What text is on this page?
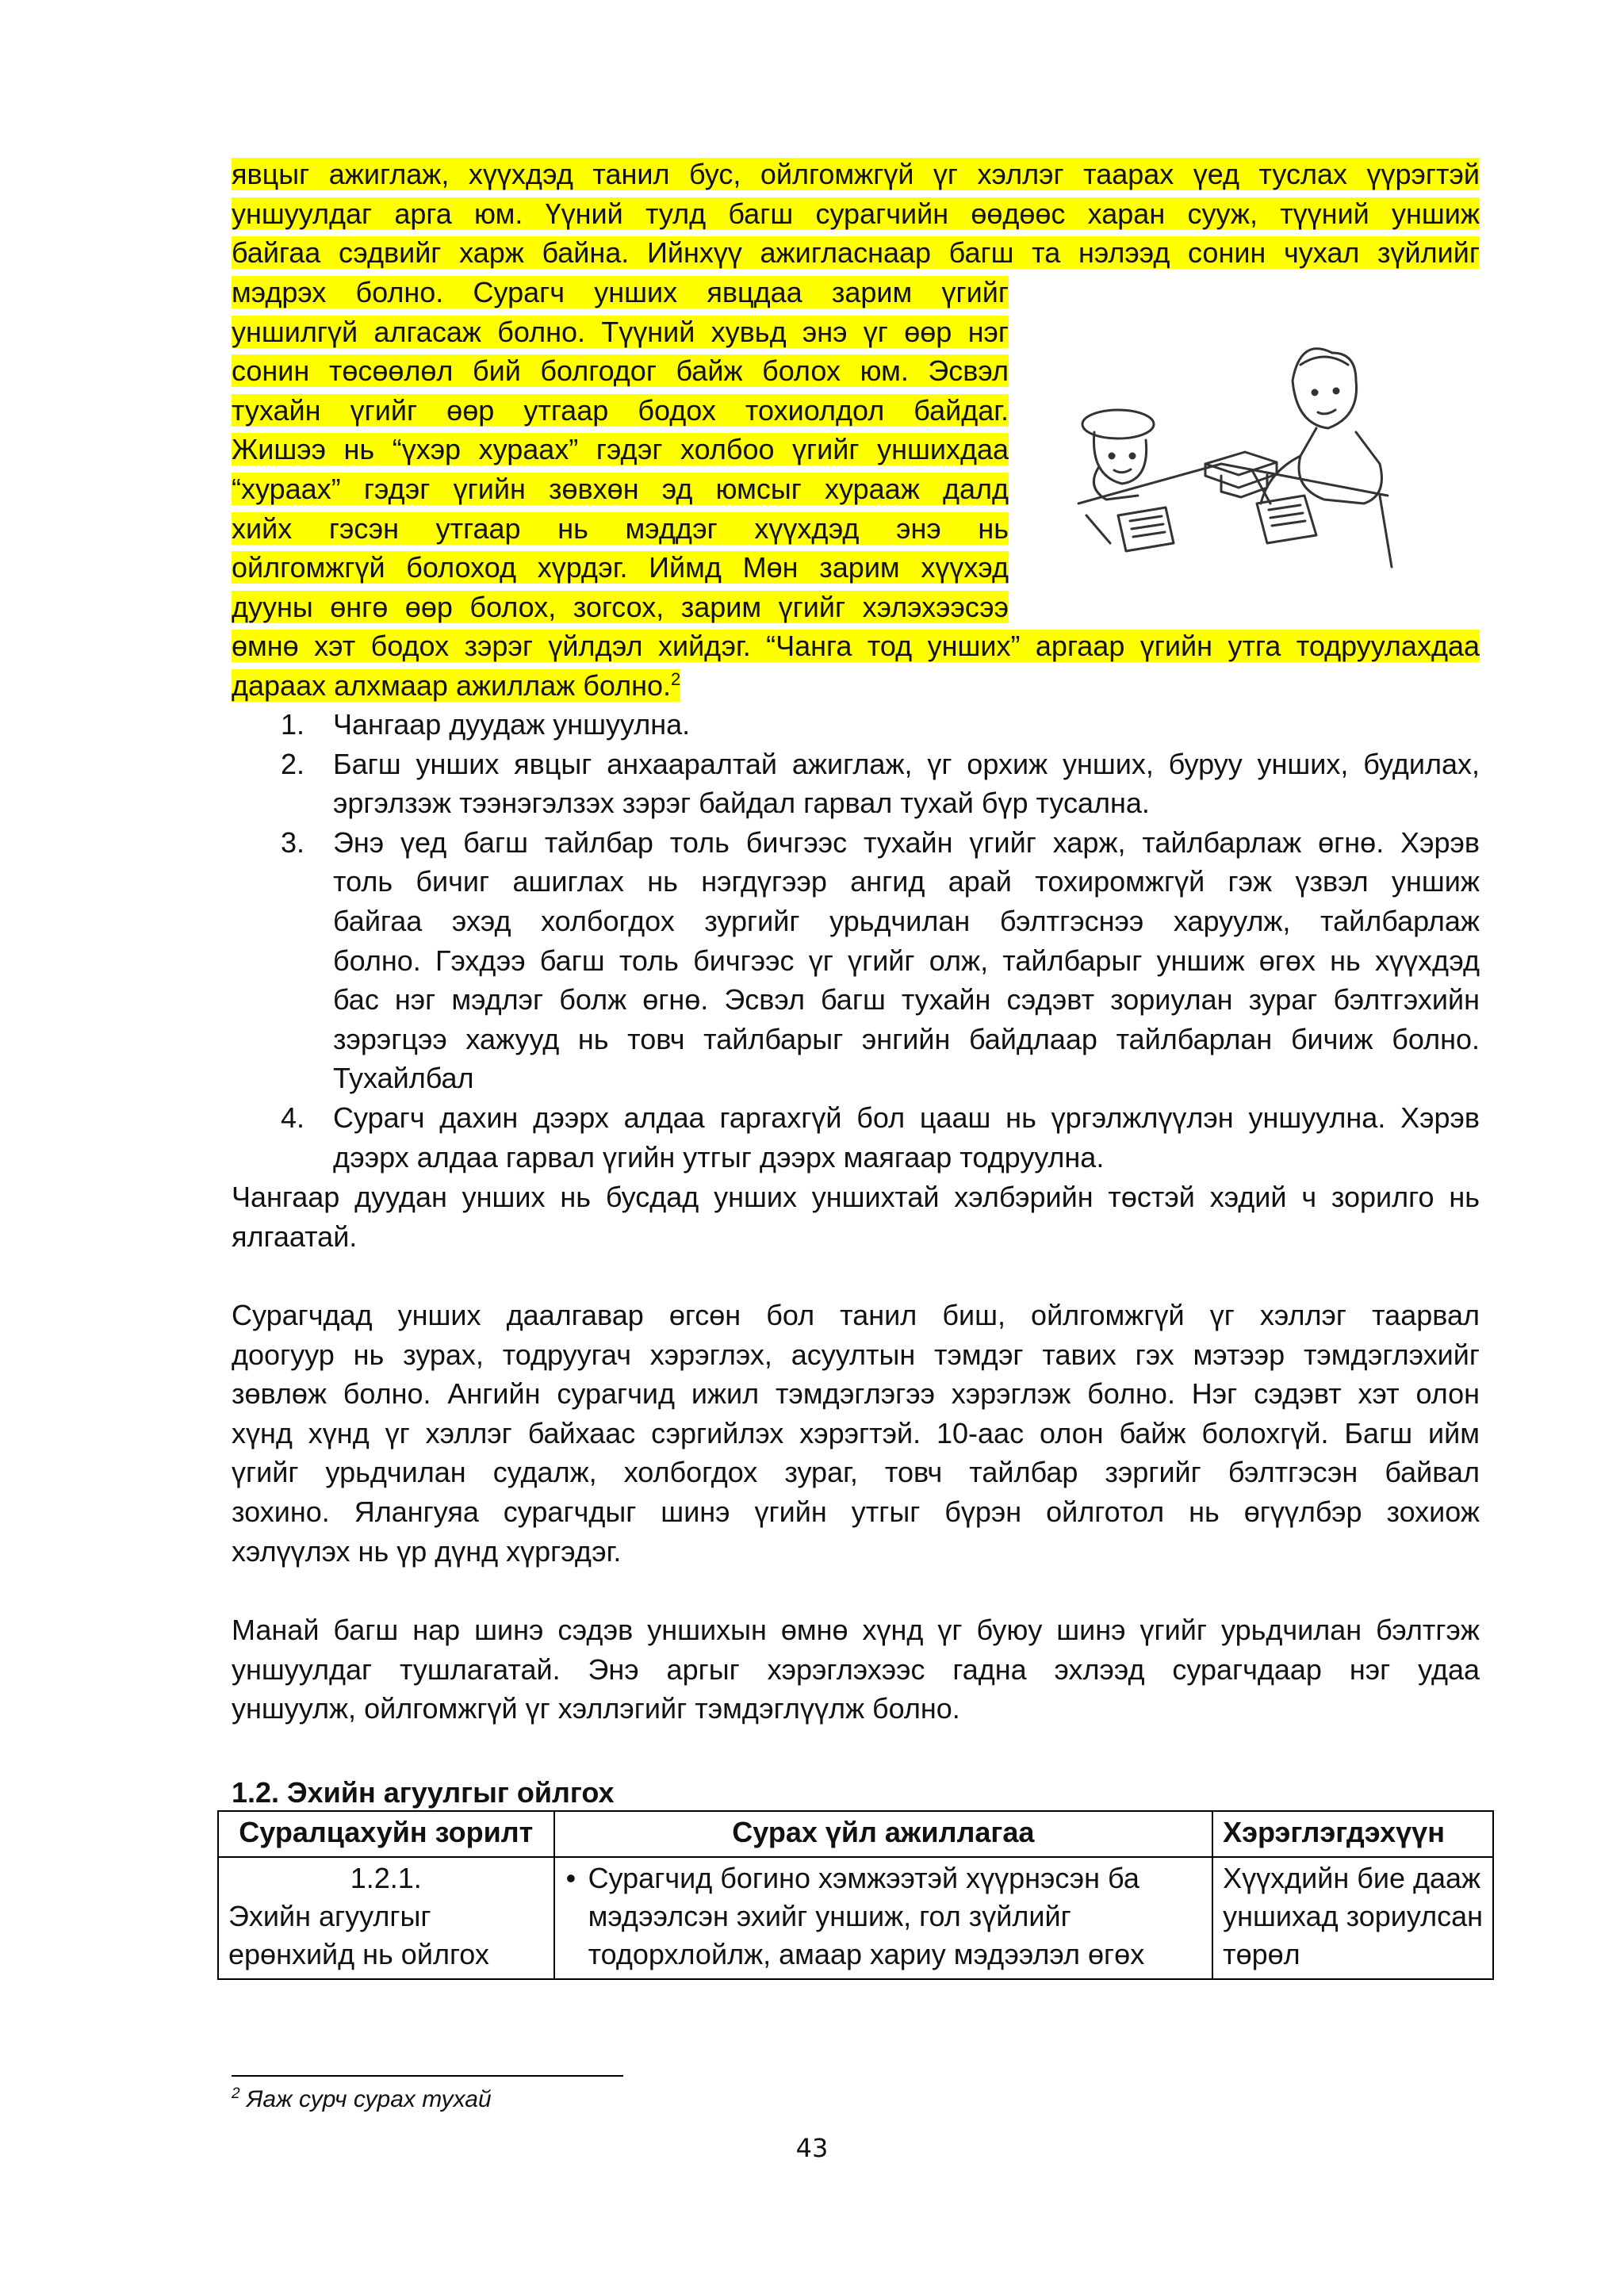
явцыг ажиглаж, хүүхдэд танил бус, ойлгомжгүй үг хэллэг таарах үед туслах үүрэгтэй
уншуулдаг арга юм. Үүний тулд багш сурагчийн өөдөөс харан сууж, түүний уншиж
байгаа сэдвийг харж байна. Ийнхүү ажигласнаар багш та нэлээд сонин чухал зүйлийг
мэдрэх болно. Сурагч унших явцдаа зарим үгийг
уншилгүй алгасаж болно. Түүний хувьд энэ үг өөр нэг
сонин төсөөлөл бий болгодог байж болох юм. Эсвэл
тухайн үгийг өөр утгаар бодох тохиолдол байдаг.
Жишээ нь “үхэр хураах” гэдэг холбоо үгийг уншихдаа
“хураах” гэдэг үгийн зөвхөн эд юмсыг хурааж далд
хийх гэсэн утгаар нь мэддэг хүүхдэд энэ нь
ойлгомжгүй болоход хүрдэг. Иймд Мөн зарим хүүхэд
дууны өнгө өөр болох, зогсох, зарим үгийг хэлэхээсээ
өмнө хэт бодох зэрэг үйлдэл хийдэг. “Чанга тод унших” аргаар үгийн утга тодруулахдаа
дараах алхмаар ажиллаж болно.$^2$
1. Чангаар дуудаж уншуулна.
2. Багш унших явцыг анхааралтай ажиглаж, үг орхиж унших, буруу унших, будилах,
эргэлзэж тээнэгэлзэх зэрэг байдал гарвал тухай бүр тусална.
3. Энэ үед багш тайлбар толь бичгээс тухайн үгийг харж, тайлбарлаж өгнө. Хэрэв
толь бичиг ашиглах нь нэгдүгээр ангид арай тохиромжгүй гэж үзвэл уншиж
байгаа эхэд холбогдох зургийг урьдчилан бэлтгэснээ харуулж, тайлбарлаж
болно. Гэхдээ багш толь бичгээс үг үгийг олж, тайлбарыг уншиж өгөх нь хүүхдэд
бас нэг мэдлэг болж өгнө. Эсвэл багш тухайн сэдэвт зориулан зураг бэлтгэхийн
зэрэгцээ хажууд нь товч тайлбарыг энгийн байдлаар тайлбарлан бичиж болно.
Тухайлбал
4. Сурагч дахин дээрх алдаа гаргахгүй бол цааш нь үргэлжлүүлэн уншуулна. Хэрэв
дээрх алдаа гарвал үгийн утгыг дээрх маягаар тодруулна.
Чангаар дуудан унших нь бусдад унших уншихтай хэлбэрийн төстэй хэдий ч зорилго нь
ялгаатай.
Сурагчдад унших даалгавар өгсөн бол танил биш, ойлгомжгүй үг хэллэг таарвал
доогуур нь зурах, тодруугач хэрэглэх, асуултын тэмдэг тавих гэх мэтээр тэмдэглэхийг
зөвлөж болно. Ангийн сурагчид ижил тэмдэглэгээ хэрэглэж болно. Нэг сэдэвт хэт олон
хүнд хүнд үг хэллэг байхаас сэргийлэх хэрэгтэй. 10-аас олон байж болохгүй. Багш ийм
үгийг урьдчилан судалж, холбогдох зураг, товч тайлбар зэргийг бэлтгэсэн байвал
зохино. Ялангуяа сурагчдыг шинэ үгийн утгыг бүрэн ойлготол нь өгүүлбэр зохиож
хэлүүлэх нь үр дүнд хүргэдэг.
Манай багш нар шинэ сэдэв уншихын өмнө хүнд үг буюу шинэ үгийг урьдчилан бэлтгэж
уншуулдаг тушлагатай. Энэ аргыг хэрэглэхээс гадна эхлээд сурагчдаар нэг удаа
уншуулж, ойлгомжгүй үг хэллэгийг тэмдэглүүлж болно.
1.2. Эхийн агуулгыг ойлгох
Суралцахуйн зорилт	Сурах үйл ажиллагаа	Хэрэглэгдэхүүн

1.2.1.
Эхийн агуулгыг ерөнхийд нь ойлгох	• Сурагчид богино хэмжээтэй хүүрнэсэн ба мэдээлсэн эхийг уншиж, гол зүйлийг тодорхлойлж, амаар хариу мэдээлэл өгөх	Хүүхдийн бие дааж уншихад зориулсан төрөл
$^2$ Яаж сурч сурах тухай
43
